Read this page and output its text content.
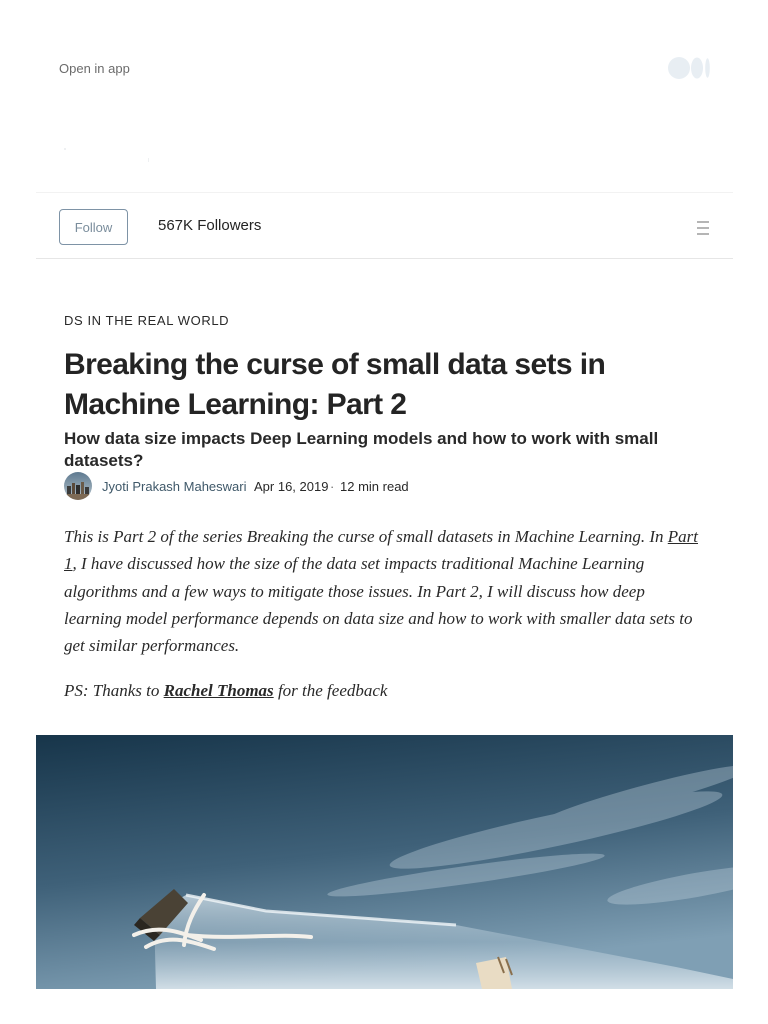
Open in app
Follow	567K Followers
DS IN THE REAL WORLD
Breaking the curse of small data sets in Machine Learning: Part 2
How data size impacts Deep Learning models and how to work with small datasets?
Jyoti Prakash Maheswari Apr 16, 2019 · 12 min read

This is Part 2 of the series Breaking the curse of small datasets in Machine Learning. In Part 1, I have discussed how the size of the data set impacts traditional Machine Learning algorithms and a few ways to mitigate those issues. In Part 2, I will discuss how deep learning model performance depends on data size and how to work with smaller data sets to get similar performances.

PS: Thanks to Rachel Thomas for the feedback
